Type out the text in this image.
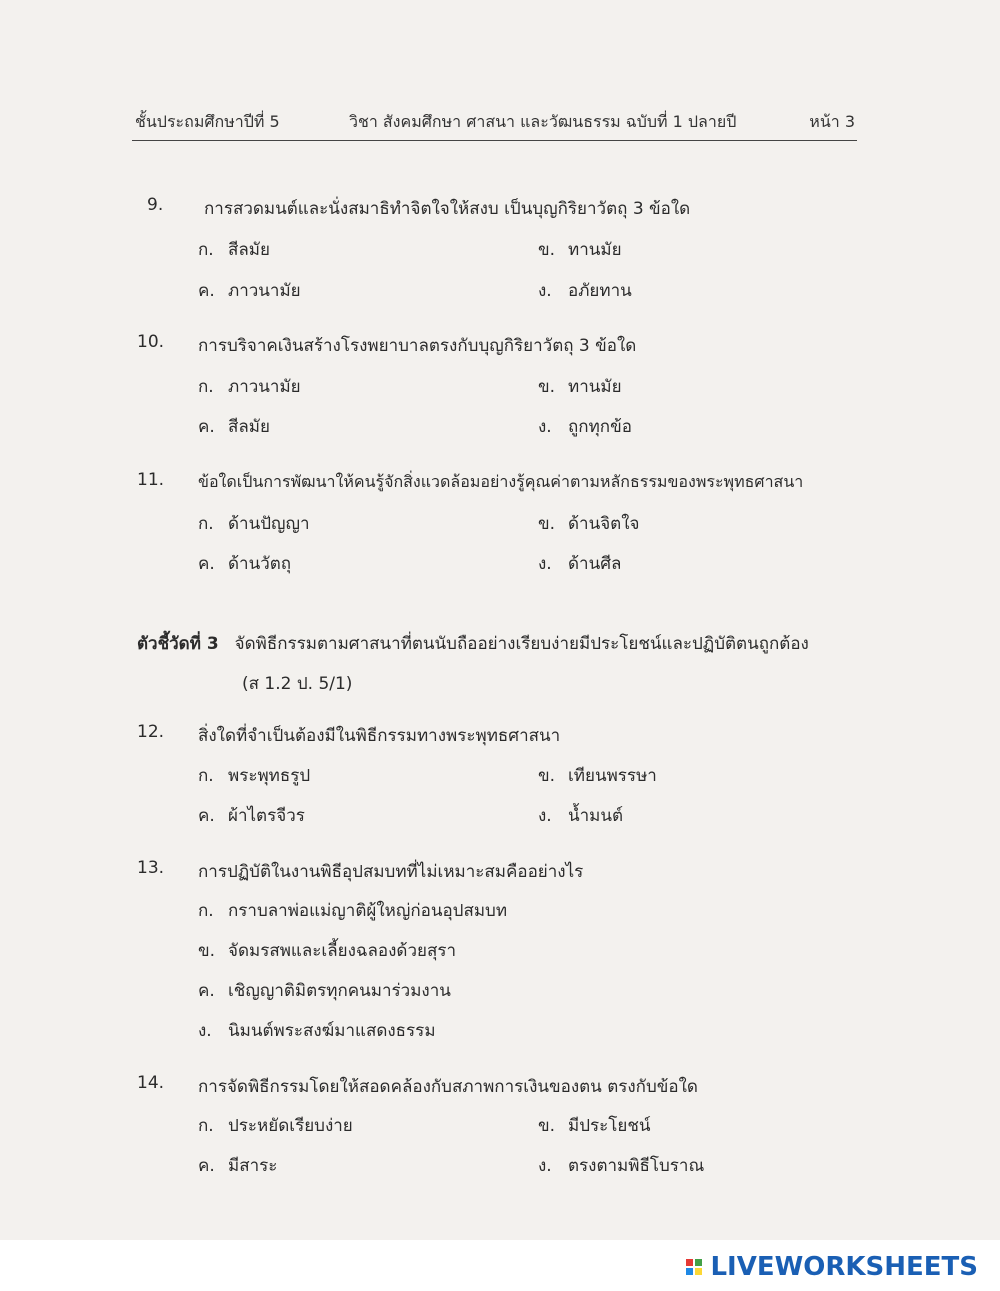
ชั้นประถมศึกษาปีที่ 5	วิชา สังคมศึกษา ศาสนา และวัฒนธรรม ฉบับที่ 1 ปลายปี	หน้า 3
9. การสวดมนต์และนั่งสมาธิทำจิตใจให้สงบ เป็นบุญกิริยาวัตถุ 3 ข้อใด
ก. สีลมัย	ข. ทานมัย
ค. ภาวนามัย	ง. อภัยทาน
10. การบริจาคเงินสร้างโรงพยาบาลตรงกับบุญกิริยาวัตถุ 3 ข้อใด
ก. ภาวนามัย	ข. ทานมัย
ค. สีลมัย	ง. ถูกทุกข้อ
11. ข้อใดเป็นการพัฒนาให้คนรู้จักสิ่งแวดล้อมอย่างรู้คุณค่าตามหลักธรรมของพระพุทธศาสนา
ก. ด้านปัญญา	ข. ด้านจิตใจ
ค. ด้านวัตถุ	ง. ด้านศีล
ตัวชี้วัดที่ 3 จัดพิธีกรรมตามศาสนาที่ตนนับถืออย่างเรียบง่ายมีประโยชน์และปฏิบัติตนถูกต้อง
(ส 1.2 ป. 5/1)
12. สิ่งใดที่จำเป็นต้องมีในพิธีกรรมทางพระพุทธศาสนา
ก. พระพุทธรูป	ข. เทียนพรรษา
ค. ผ้าไตรจีวร	ง. น้ำมนต์
13. การปฏิบัติในงานพิธีอุปสมบทที่ไม่เหมาะสมคืออย่างไร
ก. กราบลาพ่อแม่ญาติผู้ใหญ่ก่อนอุปสมบท
ข. จัดมรสพและเลี้ยงฉลองด้วยสุรา
ค. เชิญญาติมิตรทุกคนมาร่วมงาน
ง. นิมนต์พระสงฆ์มาแสดงธรรม
14. การจัดพิธีกรรมโดยให้สอดคล้องกับสภาพการเงินของตน ตรงกับข้อใด
ก. ประหยัดเรียบง่าย	ข. มีประโยชน์
ค. มีสาระ	ง. ตรงตามพิธีโบราณ
LIVEWORKSHEETS
